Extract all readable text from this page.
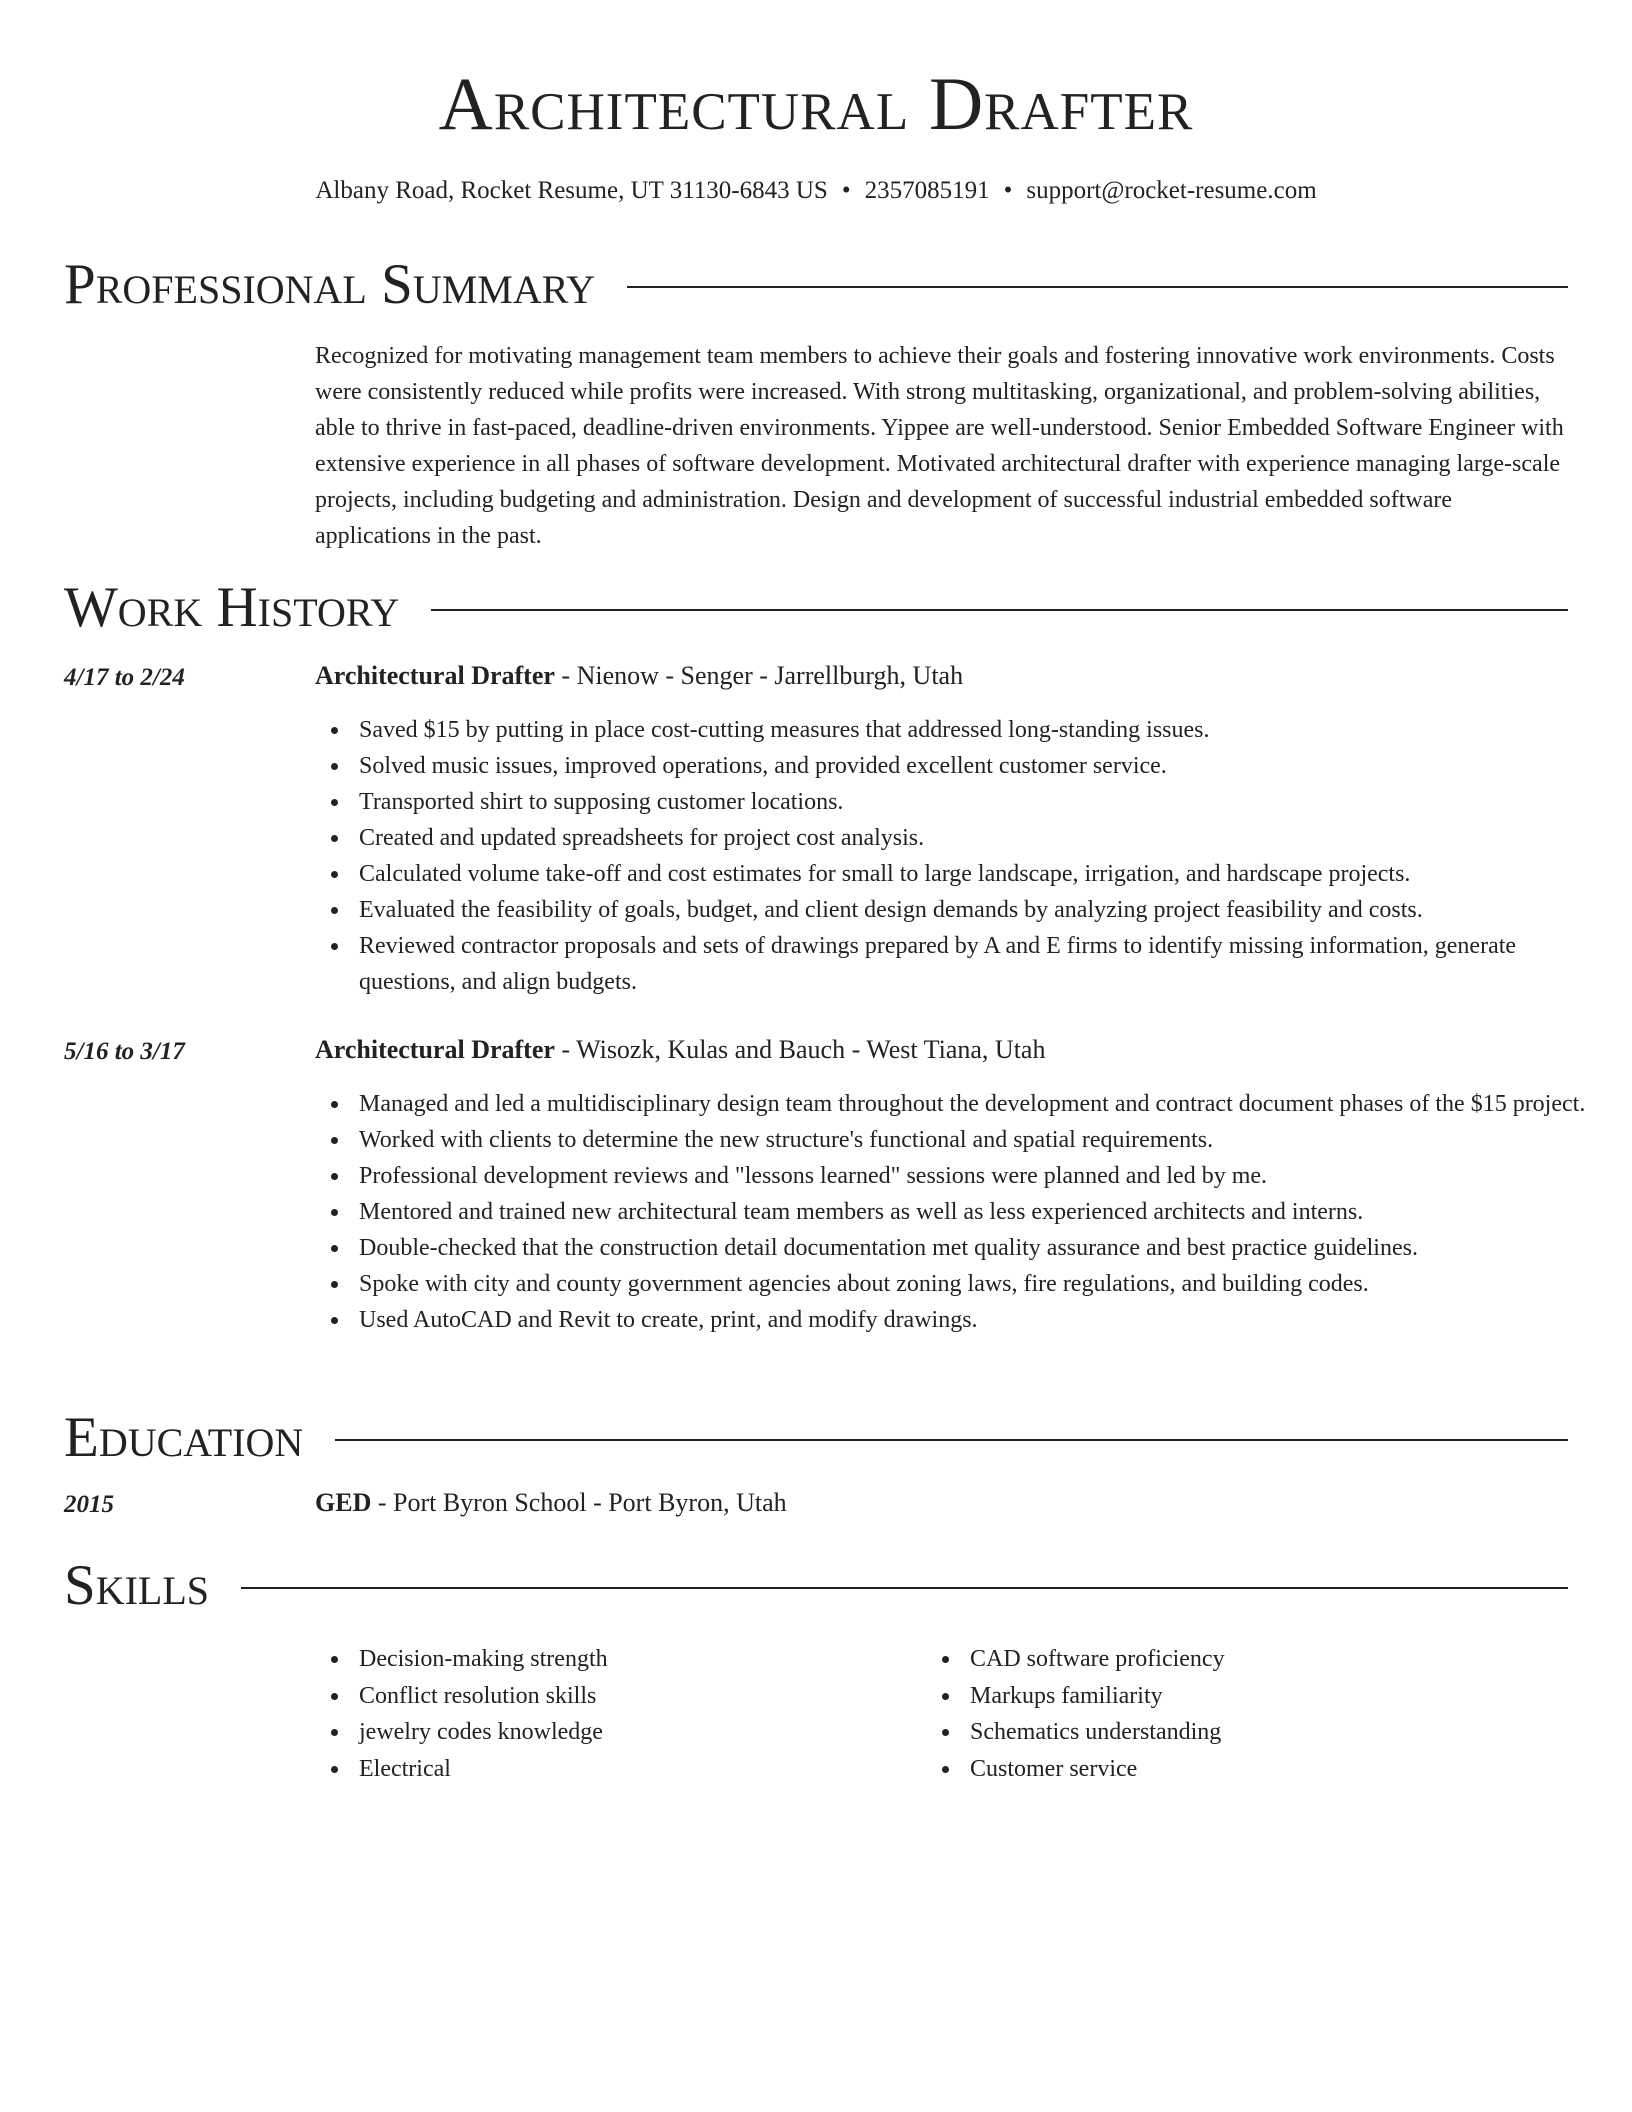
Architectural Drafter
Albany Road, Rocket Resume, UT 31130-6843 US • 2357085191 • support@rocket-resume.com
Professional Summary

Recognized for motivating management team members to achieve their goals and fostering innovative work environments. Costs were consistently reduced while profits were increased. With strong multitasking, organizational, and problem-solving abilities, able to thrive in fast-paced, deadline-driven environments. Yippee are well-understood. Senior Embedded Software Engineer with extensive experience in all phases of software development. Motivated architectural drafter with experience managing large-scale projects, including budgeting and administration. Design and development of successful industrial embedded software applications in the past.

Work History
4/17 to 2/24	Architectural Drafter - Nienow - Senger - Jarrellburgh, Utah
Saved $15 by putting in place cost-cutting measures that addressed long-standing issues.
Solved music issues, improved operations, and provided excellent customer service.
Transported shirt to supposing customer locations.
Created and updated spreadsheets for project cost analysis.
Calculated volume take-off and cost estimates for small to large landscape, irrigation, and hardscape projects.
Evaluated the feasibility of goals, budget, and client design demands by analyzing project feasibility and costs.
Reviewed contractor proposals and sets of drawings prepared by A and E firms to identify missing information, generate questions, and align budgets.
5/16 to 3/17	Architectural Drafter - Wisozk, Kulas and Bauch - West Tiana, Utah
Managed and led a multidisciplinary design team throughout the development and contract document phases of the $15 project.
Worked with clients to determine the new structure's functional and spatial requirements.
Professional development reviews and "lessons learned" sessions were planned and led by me.
Mentored and trained new architectural team members as well as less experienced architects and interns.
Double-checked that the construction detail documentation met quality assurance and best practice guidelines.
Spoke with city and county government agencies about zoning laws, fire regulations, and building codes.
Used AutoCAD and Revit to create, print, and modify drawings.
Education
2015	GED - Port Byron School - Port Byron, Utah
Skills
Decision-making strength
Conflict resolution skills
jewelry codes knowledge
Electrical
CAD software proficiency
Markups familiarity
Schematics understanding
Customer service
